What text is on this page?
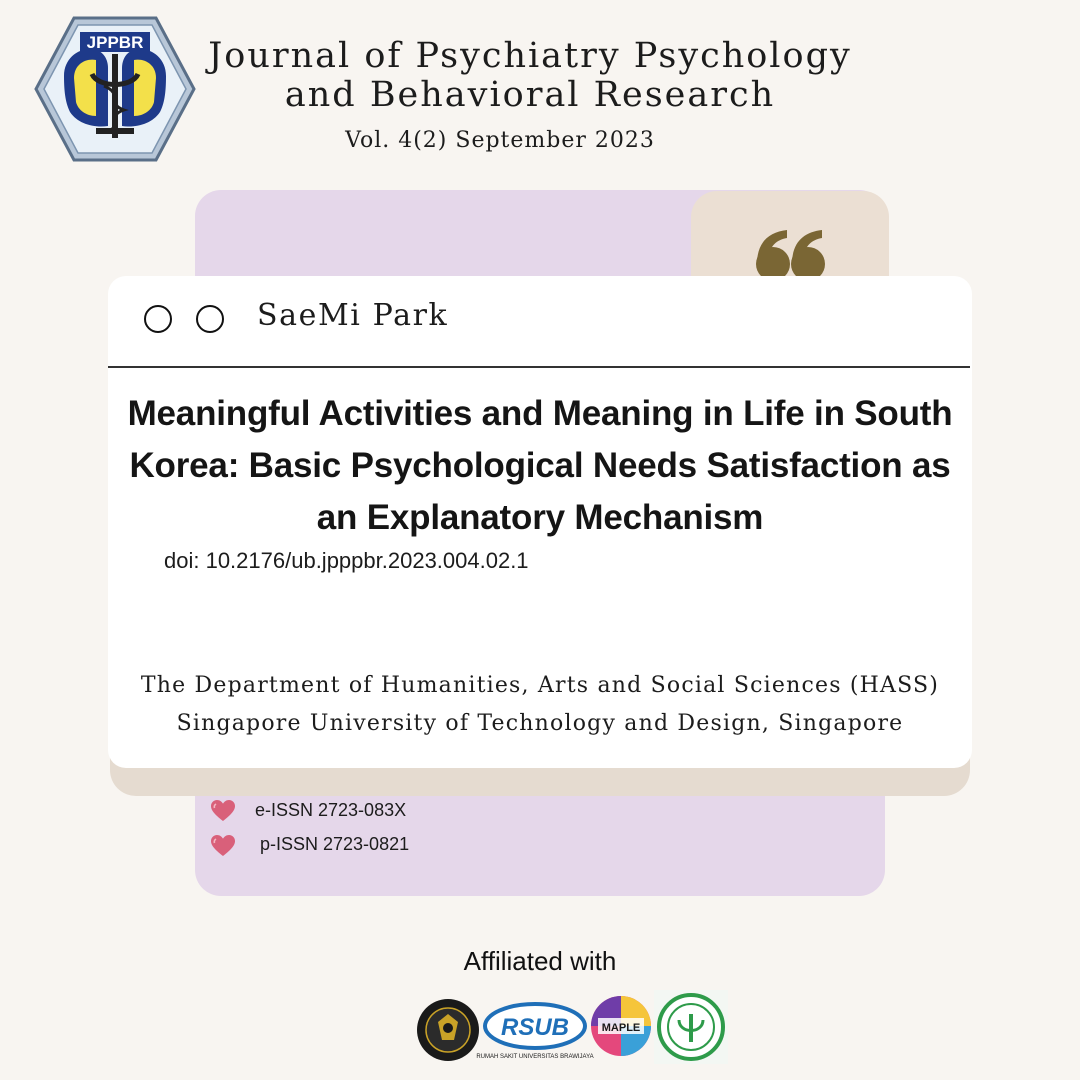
JPPBR	Journal of Psychiatry Psychology
and Behavioral Research
Vol. 4(2) September 2023
SaeMi Park
Meaningful Activities and Meaning in Life in South Korea: Basic Psychological Needs Satisfaction as an Explanatory Mechanism
doi: 10.2176/ub.jpppbr.2023.004.02.1
The Department of Humanities, Arts and Social Sciences (HASS)
Singapore University of Technology and Design, Singapore
e-ISSN 2723-083X
p-ISSN 2723-0821
Affiliated with
RSUB
RUMAH SAKIT UNIVERSITAS BRAWIJAYA
MAPLE
